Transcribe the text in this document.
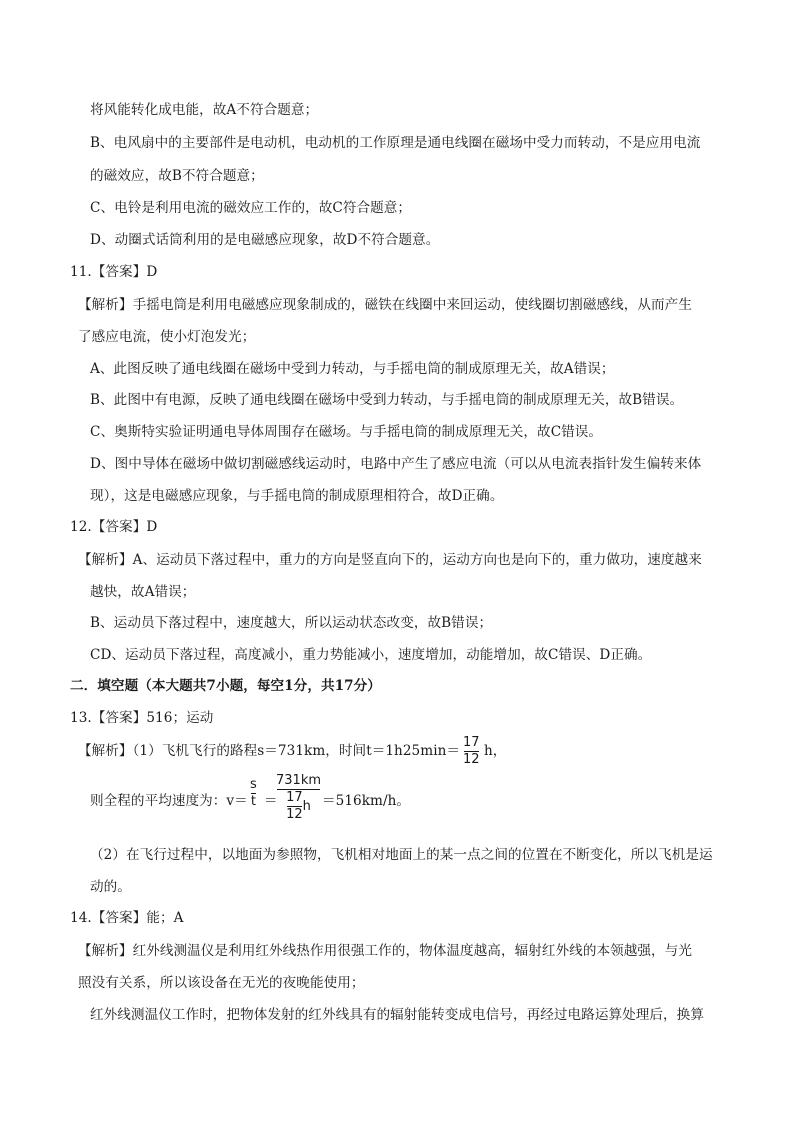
将风能转化成电能，故A不符合题意；
B、电风扇中的主要部件是电动机，电动机的工作原理是通电线圈在磁场中受力而转动，不是应用电流
的磁效应，故B不符合题意；
C、电铃是利用电流的磁效应工作的，故C符合题意；
D、动圈式话筒利用的是电磁感应现象，故D不符合题意。
11.【答案】D
【解析】手摇电筒是利用电磁感应现象制成的，磁铁在线圈中来回运动，使线圈切割磁感线，从而产生
了感应电流，使小灯泡发光；
A、此图反映了通电线圈在磁场中受到力转动，与手摇电筒的制成原理无关，故A错误；
B、此图中有电源，反映了通电线圈在磁场中受到力转动，与手摇电筒的制成原理无关，故B错误。
C、奥斯特实验证明通电导体周围存在磁场。与手摇电筒的制成原理无关，故C错误。
D、图中导体在磁场中做切割磁感线运动时，电路中产生了感应电流（可以从电流表指针发生偏转来体
现），这是电磁感应现象，与手摇电筒的制成原理相符合，故D正确。
12.【答案】D
【解析】A、运动员下落过程中，重力的方向是竖直向下的，运动方向也是向下的，重力做功，速度越来
越快，故A错误；
B、运动员下落过程中，速度越大，所以运动状态改变，故B错误；
CD、运动员下落过程，高度减小，重力势能减小，速度增加，动能增加，故C错误、D正确。
二．填空题（本大题共7小题，每空1分，共17分）
13.【答案】516；运动
【解析】（1）飞机飞行的路程s＝731km，时间t＝1h25min＝
17
12
h，
则全程的平均速度为：v＝
s
t ＝
731km
$\frac{17}{12}$ h ＝516km/h。
（2）在飞行过程中，以地面为参照物，飞机相对地面上的某一点之间的位置在不断变化，所以飞机是运
动的。
14.【答案】能；A
【解析】红外线测温仪是利用红外线热作用很强工作的，物体温度越高，辐射红外线的本领越强，与光
照没有关系，所以该设备在无光的夜晚能使用；
红外线测温仪工作时，把物体发射的红外线具有的辐射能转变成电信号，再经过电路运算处理后，换算
